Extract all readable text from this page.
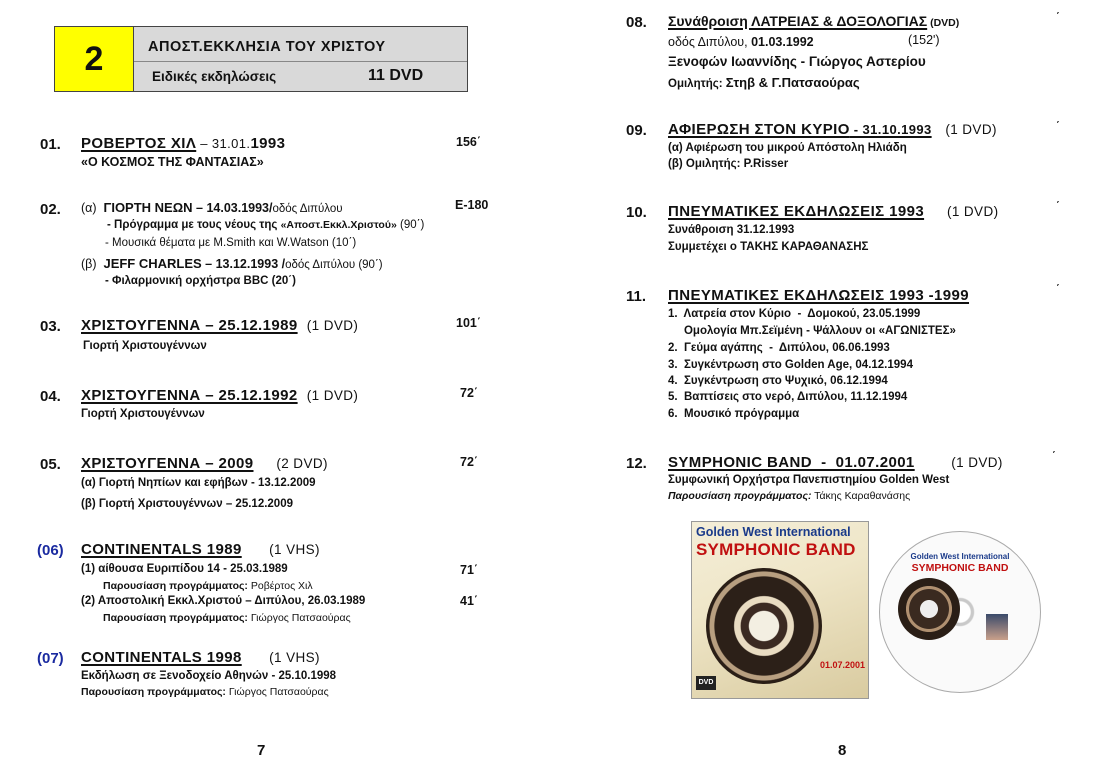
2	ΑΠΟΣΤ.ΕΚΚΛΗΣΙΑ ΤΟΥ ΧΡΙΣΤΟΥ
Ειδικές εκδηλώσεις	11 DVD
01. ΡΟΒΕΡΤΟΣ ΧΙΛ – 31.01.1993
«Ο ΚΟΣΜΟΣ ΤΗΣ ΦΑΝΤΑΣΙΑΣ»
156΄
02.	E-180
(α) ΓΙΟΡΤΗ ΝΕΩΝ – 14.03.1993/οδός Διπύλου
- Πρόγραμμα με τους νέους της «Αποστ.Εκκλ.Χριστού» (90΄)
- Μουσικά θέματα με M.Smith και W.Watson (10΄)
(β) JEFF CHARLES – 13.12.1993 /οδός Διπύλου (90΄)
- Φιλαρμονική ορχήστρα BBC (20΄)
03. ΧΡΙΣΤΟΥΓΕΝΝΑ – 25.12.1989 (1 DVD)
Γιορτή Χριστουγέννων
101΄
04. ΧΡΙΣΤΟΥΓΕΝΝΑ – 25.12.1992 (1 DVD)
Γιορτή Χριστουγέννων
72΄
05. ΧΡΙΣΤΟΥΓΕΝΝΑ – 2009 (2 DVD)	72΄
(α) Γιορτή Νηπίων και εφήβων - 13.12.2009
(β) Γιορτή Χριστουγέννων – 25.12.2009
(06) CONTINENTALS 1989 (1 VHS)
(1) αίθουσα Ευριπίδου 14 - 25.03.1989	71΄
Παρουσίαση προγράμματος: Ροβέρτος Χιλ
(2) Αποστολική Εκκλ.Χριστού – Διπύλου, 26.03.1989	41΄
Παρουσίαση προγράμματος: Γιώργος Πατσαούρας
(07) CONTINENTALS 1998 (1 VHS)
Εκδήλωση σε Ξενοδοχείο Αθηνών - 25.10.1998
Παρουσίαση προγράμματος: Γιώργος Πατσαούρας
7
08. Συνάθροιση ΛΑΤΡΕΙΑΣ & ΔΟΞΟΛΟΓΙΑΣ (DVD)	΄
οδός Διπύλου, 01.03.1992	(152')
Ξενοφών Ιωαννίδης - Γιώργος Αστερίου
Ομιλητής: Στηβ & Γ.Πατσαούρας
09. ΑΦΙΕΡΩΣΗ ΣΤΟΝ ΚΥΡΙΟ - 31.10.1993 (1 DVD)	΄
(α) Αφιέρωση του μικρού Απόστολη Ηλιάδη
(β) Ομιλητής: P.Risser
10. ΠΝΕΥΜΑΤΙΚΕΣ ΕΚΔΗΛΩΣΕΙΣ 1993 (1 DVD)	΄
Συνάθροιση 31.12.1993
Συμμετέχει ο ΤΑΚΗΣ ΚΑΡΑΘΑΝΑΣΗΣ
11. ΠΝΕΥΜΑΤΙΚΕΣ ΕΚΔΗΛΩΣΕΙΣ 1993 -1999	΄
1.  Λατρεία στον Κύριο  -  Δομοκού, 23.05.1999
Ομολογία Μπ.Σεϊμένη - Ψάλλουν οι «ΑΓΩΝΙΣΤΕΣ»
2.  Γεύμα αγάπης  -  Διπύλου, 06.06.1993
3.  Συγκέντρωση στο Golden Age, 04.12.1994
4.  Συγκέντρωση στο Ψυχικό, 06.12.1994
5.  Βαπτίσεις στο νερό, Διπύλου, 11.12.1994
6.  Μουσικό πρόγραμμα
12. SYMPHONIC BAND  -  01.07.2001	(1 DVD)	΄
Συμφωνική Ορχήστρα Πανεπιστημίου Golden West
Παρουσίαση προγράμματος: Τάκης Καραθανάσης
Golden West International
SYMPHONIC BAND
01.07.2001
DVD
Golden West International
SYMPHONIC BAND
8
